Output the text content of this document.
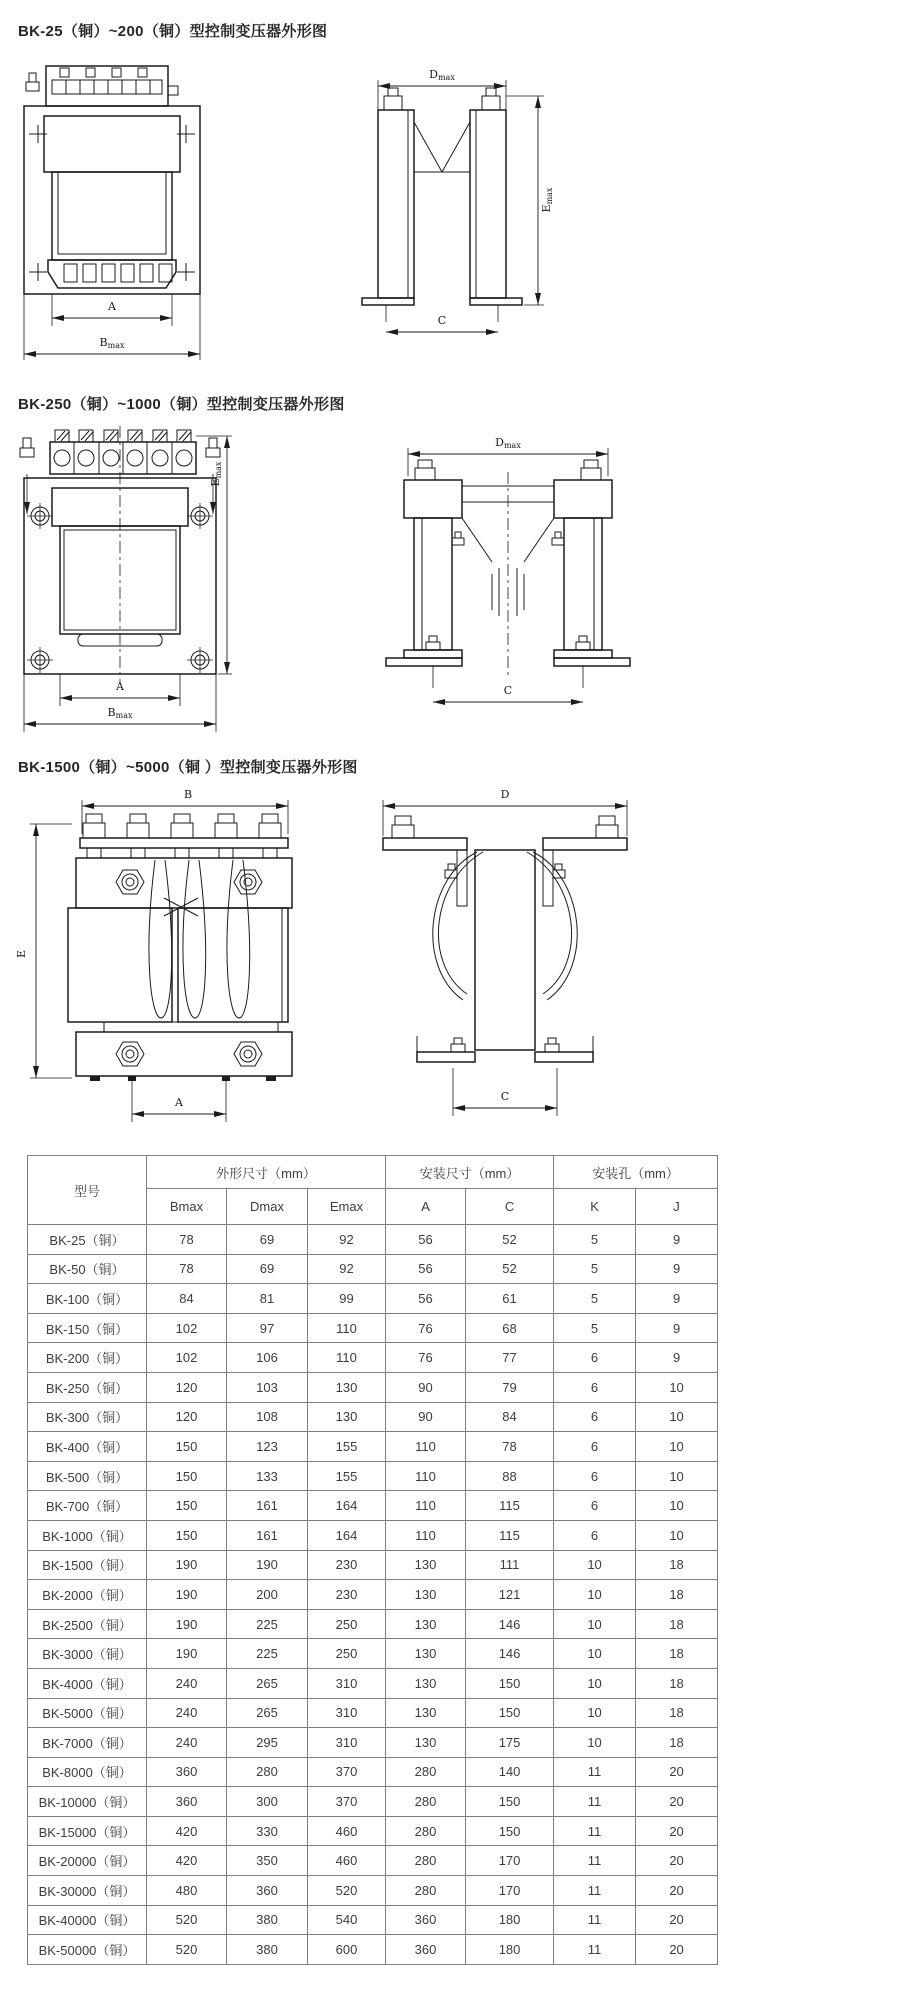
BK-25（铜）~200（铜）型控制变压器外形图
A
Bmax
Dmax
Emax
C
BK-250（铜）~1000（铜）型控制变压器外形图
Emax
A
Bmax
Dmax
C
BK-1500（铜）~5000（铜 ）型控制变压器外形图
B
E
A
D
C
型号	外形尺寸（mm）			安装尺寸（mm）		安装孔（mm）	
	Bmax	Dmax	Emax	A	C	K	J
BK-25（铜）	78	69	92	56	52	5	9
BK-50（铜）	78	69	92	56	52	5	9
BK-100（铜）	84	81	99	56	61	5	9
BK-150（铜）	102	97	110	76	68	5	9
BK-200（铜）	102	106	110	76	77	6	9
BK-250（铜）	120	103	130	90	79	6	10
BK-300（铜）	120	108	130	90	84	6	10
BK-400（铜）	150	123	155	110	78	6	10
BK-500（铜）	150	133	155	110	88	6	10
BK-700（铜）	150	161	164	110	115	6	10
BK-1000（铜）	150	161	164	110	115	6	10
BK-1500（铜）	190	190	230	130	111	10	18
BK-2000（铜）	190	200	230	130	121	10	18
BK-2500（铜）	190	225	250	130	146	10	18
BK-3000（铜）	190	225	250	130	146	10	18
BK-4000（铜）	240	265	310	130	150	10	18
BK-5000（铜）	240	265	310	130	150	10	18
BK-7000（铜）	240	295	310	130	175	10	18
BK-8000（铜）	360	280	370	280	140	11	20
BK-10000（铜）	360	300	370	280	150	11	20
BK-15000（铜）	420	330	460	280	150	11	20
BK-20000（铜）	420	350	460	280	170	11	20
BK-30000（铜）	480	360	520	280	170	11	20
BK-40000（铜）	520	380	540	360	180	11	20
BK-50000（铜）	520	380	600	360	180	11	20
